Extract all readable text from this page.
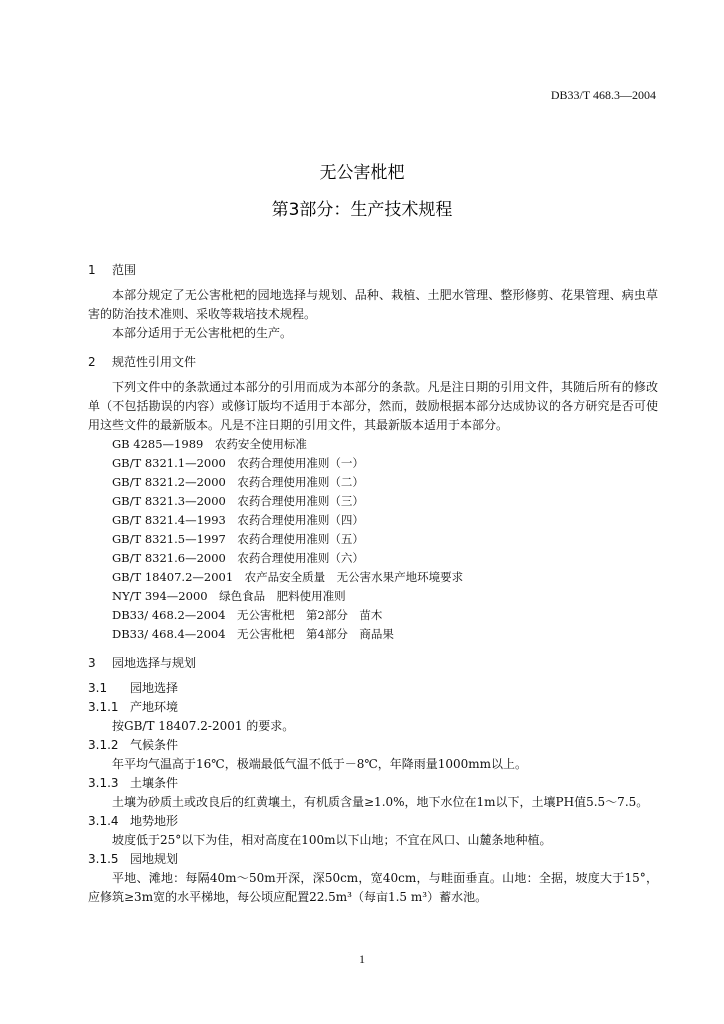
DB33/T 468.3—2004
无公害枇杷
第3部分：生产技术规程
1 范围

本部分规定了无公害枇杷的园地选择与规划、品种、栽植、土肥水管理、整形修剪、花果管理、病虫草害的防治技术准则、采收等栽培技术规程。

本部分适用于无公害枇杷的生产。

2 规范性引用文件

下列文件中的条款通过本部分的引用而成为本部分的条款。凡是注日期的引用文件，其随后所有的修改单（不包括勘误的内容）或修订版均不适用于本部分，然而，鼓励根据本部分达成协议的各方研究是否可使用这些文件的最新版本。凡是不注日期的引用文件，其最新版本适用于本部分。

GB 4285—1989　农药安全使用标准
GB/T 8321.1—2000　农药合理使用准则（一）
GB/T 8321.2—2000　农药合理使用准则（二）
GB/T 8321.3—2000　农药合理使用准则（三）
GB/T 8321.4—1993　农药合理使用准则（四）
GB/T 8321.5—1997　农药合理使用准则（五）
GB/T 8321.6—2000　农药合理使用准则（六）
GB/T 18407.2—2001　农产品安全质量　无公害水果产地环境要求
NY/T 394—2000　绿色食品　肥料使用准则
DB33/ 468.2—2004　无公害枇杷　第2部分　苗木
DB33/ 468.4—2004　无公害枇杷　第4部分　商品果
3 园地选择与规划
3.1 园地选择
3.1.1 产地环境

按GB/T 18407.2-2001 的要求。

3.1.2 气候条件

年平均气温高于16℃，极端最低气温不低于－8℃，年降雨量1000mm以上。

3.1.3 土壤条件

土壤为砂质土或改良后的红黄壤土，有机质含量≥1.0%，地下水位在1m以下，土壤PH值5.5～7.5。

3.1.4 地势地形

坡度低于25°以下为佳，相对高度在100m以下山地；不宜在风口、山麓条地种植。

3.1.5 园地规划

平地、滩地：每隔40m～50m开深，深50cm，宽40cm，与畦面垂直。山地：全据，坡度大于15°，应修筑≥3m宽的水平梯地，每公顷应配置22.5m³（每亩1.5 m³）蓄水池。

1
